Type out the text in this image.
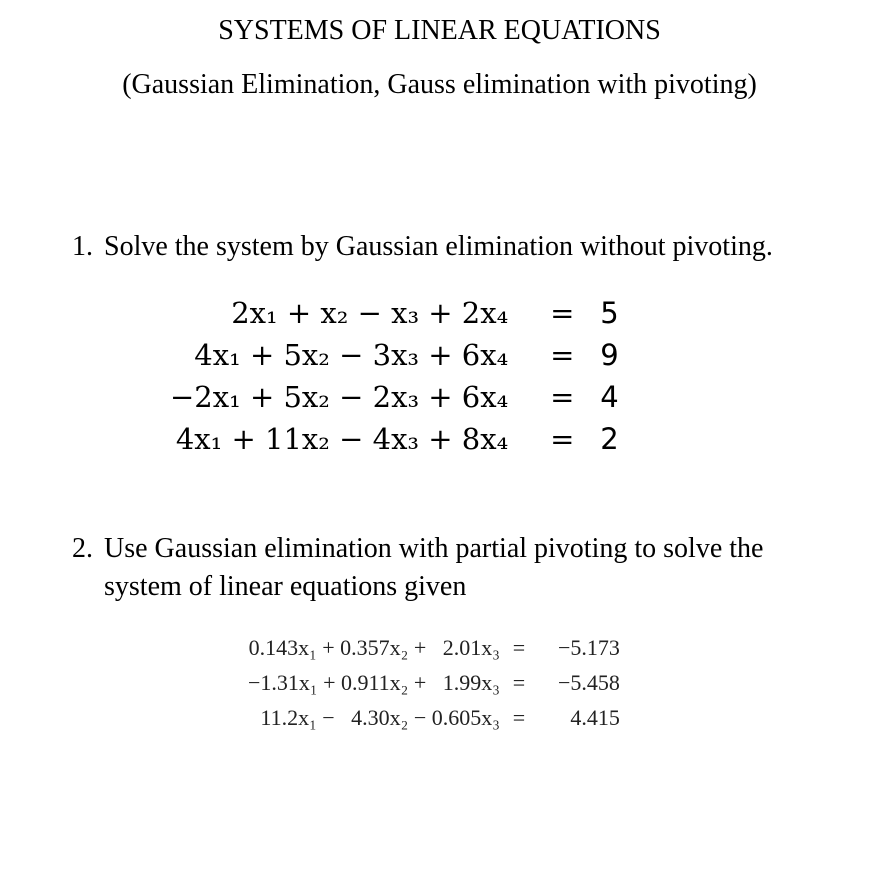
SYSTEMS OF LINEAR EQUATIONS
(Gaussian Elimination, Gauss elimination with pivoting)
1. Solve the system by Gaussian elimination without pivoting.
2x₁ + x₂ − x₃ + 2x₄	=	5
4x₁ + 5x₂ − 3x₃ + 6x₄	=	9
−2x₁ + 5x₂ − 2x₃ + 6x₄	=	4
4x₁ + 11x₂ − 4x₃ + 8x₄	=	2
2. Use Gaussian elimination with partial pivoting to solve the
system of linear equations given
0.143x₁ + 0.357x₂ +   2.01x₃	=	−5.173
−1.31x₁ + 0.911x₂ +   1.99x₃	=	−5.458
11.2x₁ −   4.30x₂ − 0.605x₃	=	4.415
